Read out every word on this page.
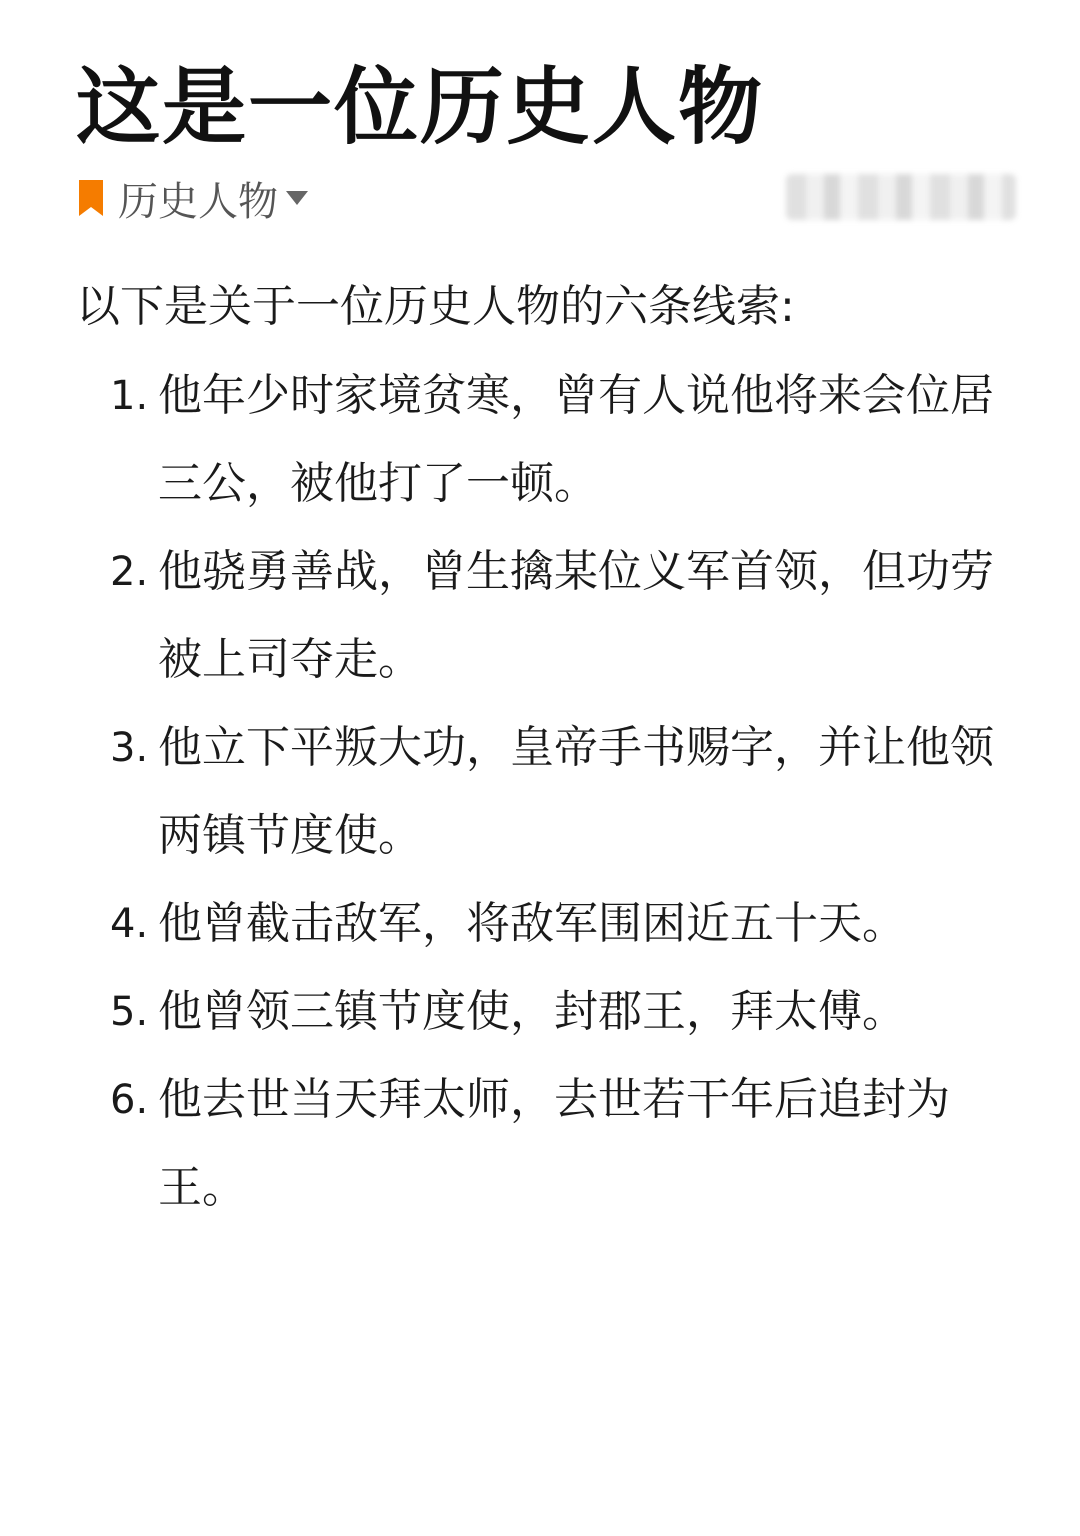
这是一位历史人物
历史人物
以下是关于一位历史人物的六条线索:
1. 他年少时家境贫寒，曾有人说他将来会位居三公，被他打了一顿。
2. 他骁勇善战，曾生擒某位义军首领，但功劳被上司夺走。
3. 他立下平叛大功，皇帝手书赐字，并让他领两镇节度使。
4. 他曾截击敌军，将敌军围困近五十天。
5. 他曾领三镇节度使，封郡王，拜太傅。
6. 他去世当天拜太师，去世若干年后追封为王。
